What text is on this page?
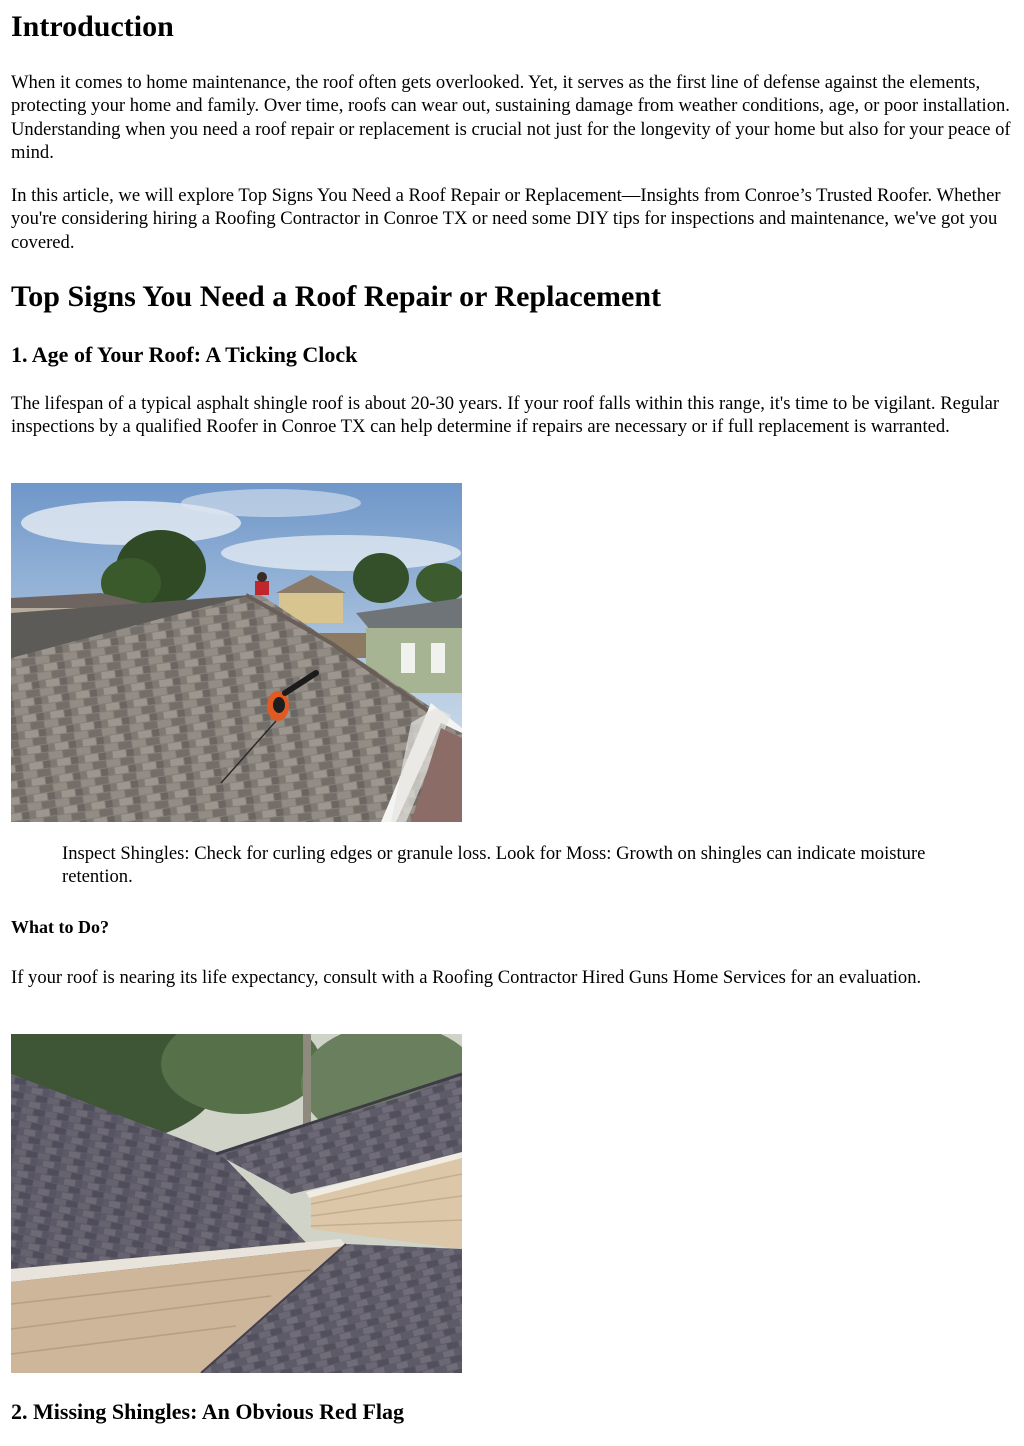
Introduction

When it comes to home maintenance, the roof often gets overlooked. Yet, it serves as the first line of defense against the elements, protecting your home and family. Over time, roofs can wear out, sustaining damage from weather conditions, age, or poor installation. Understanding when you need a roof repair or replacement is crucial not just for the longevity of your home but also for your peace of mind.

In this article, we will explore Top Signs You Need a Roof Repair or Replacement—Insights from Conroe’s Trusted Roofer. Whether you're considering hiring a Roofing Contractor in Conroe TX or need some DIY tips for inspections and maintenance, we've got you covered.

Top Signs You Need a Roof Repair or Replacement
1. Age of Your Roof: A Ticking Clock

The lifespan of a typical asphalt shingle roof is about 20-30 years. If your roof falls within this range, it's time to be vigilant. Regular inspections by a qualified Roofer in Conroe TX can help determine if repairs are necessary or if full replacement is warranted.

Inspect Shingles: Check for curling edges or granule loss. Look for Moss: Growth on shingles can indicate moisture retention.

What to Do?

If your roof is nearing its life expectancy, consult with a Roofing Contractor Hired Guns Home Services for an evaluation.

2. Missing Shingles: An Obvious Red Flag
